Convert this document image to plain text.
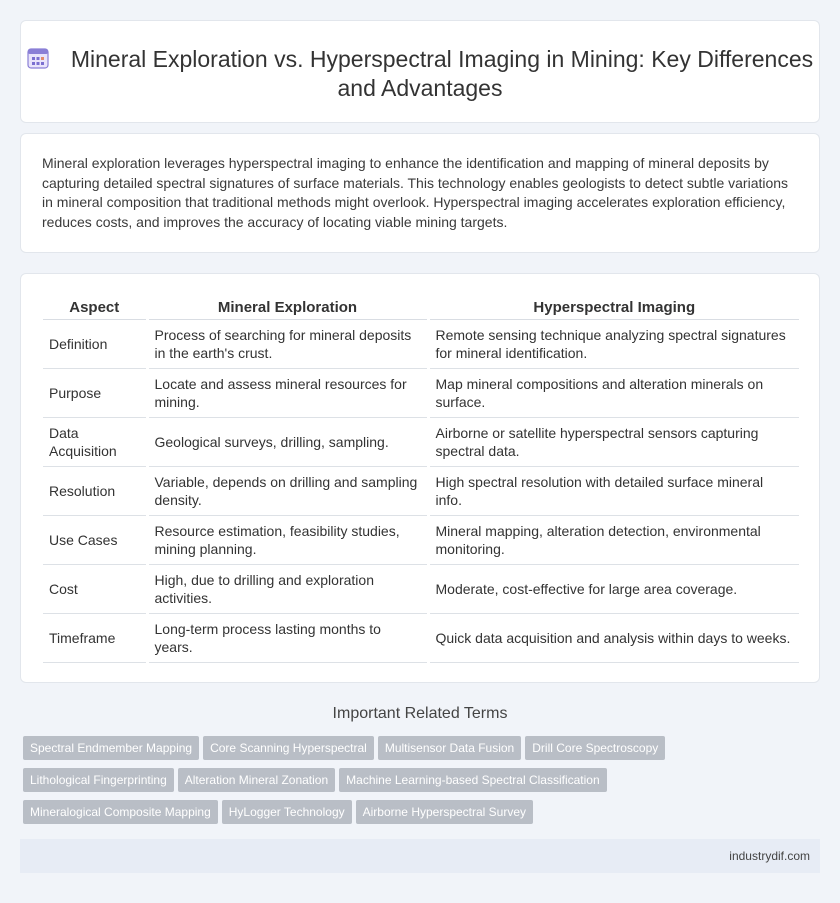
Mineral Exploration vs. Hyperspectral Imaging in Mining: Key Differences and Advantages

Mineral exploration leverages hyperspectral imaging to enhance the identification and mapping of mineral deposits by capturing detailed spectral signatures of surface materials. This technology enables geologists to detect subtle variations in mineral composition that traditional methods might overlook. Hyperspectral imaging accelerates exploration efficiency, reduces costs, and improves the accuracy of locating viable mining targets.

Aspect	Mineral Exploration	Hyperspectral Imaging
Definition	Process of searching for mineral deposits in the earth's crust.	Remote sensing technique analyzing spectral signatures for mineral identification.
Purpose	Locate and assess mineral resources for mining.	Map mineral compositions and alteration minerals on surface.
Data Acquisition	Geological surveys, drilling, sampling.	Airborne or satellite hyperspectral sensors capturing spectral data.
Resolution	Variable, depends on drilling and sampling density.	High spectral resolution with detailed surface mineral info.
Use Cases	Resource estimation, feasibility studies, mining planning.	Mineral mapping, alteration detection, environmental monitoring.
Cost	High, due to drilling and exploration activities.	Moderate, cost-effective for large area coverage.
Timeframe	Long-term process lasting months to years.	Quick data acquisition and analysis within days to weeks.
Important Related Terms
Spectral Endmember Mapping Core Scanning Hyperspectral Multisensor Data Fusion Drill Core Spectroscopy
Lithological Fingerprinting Alteration Mineral Zonation Machine Learning-based Spectral Classification
Mineralogical Composite Mapping HyLogger Technology Airborne Hyperspectral Survey
industrydif.com
